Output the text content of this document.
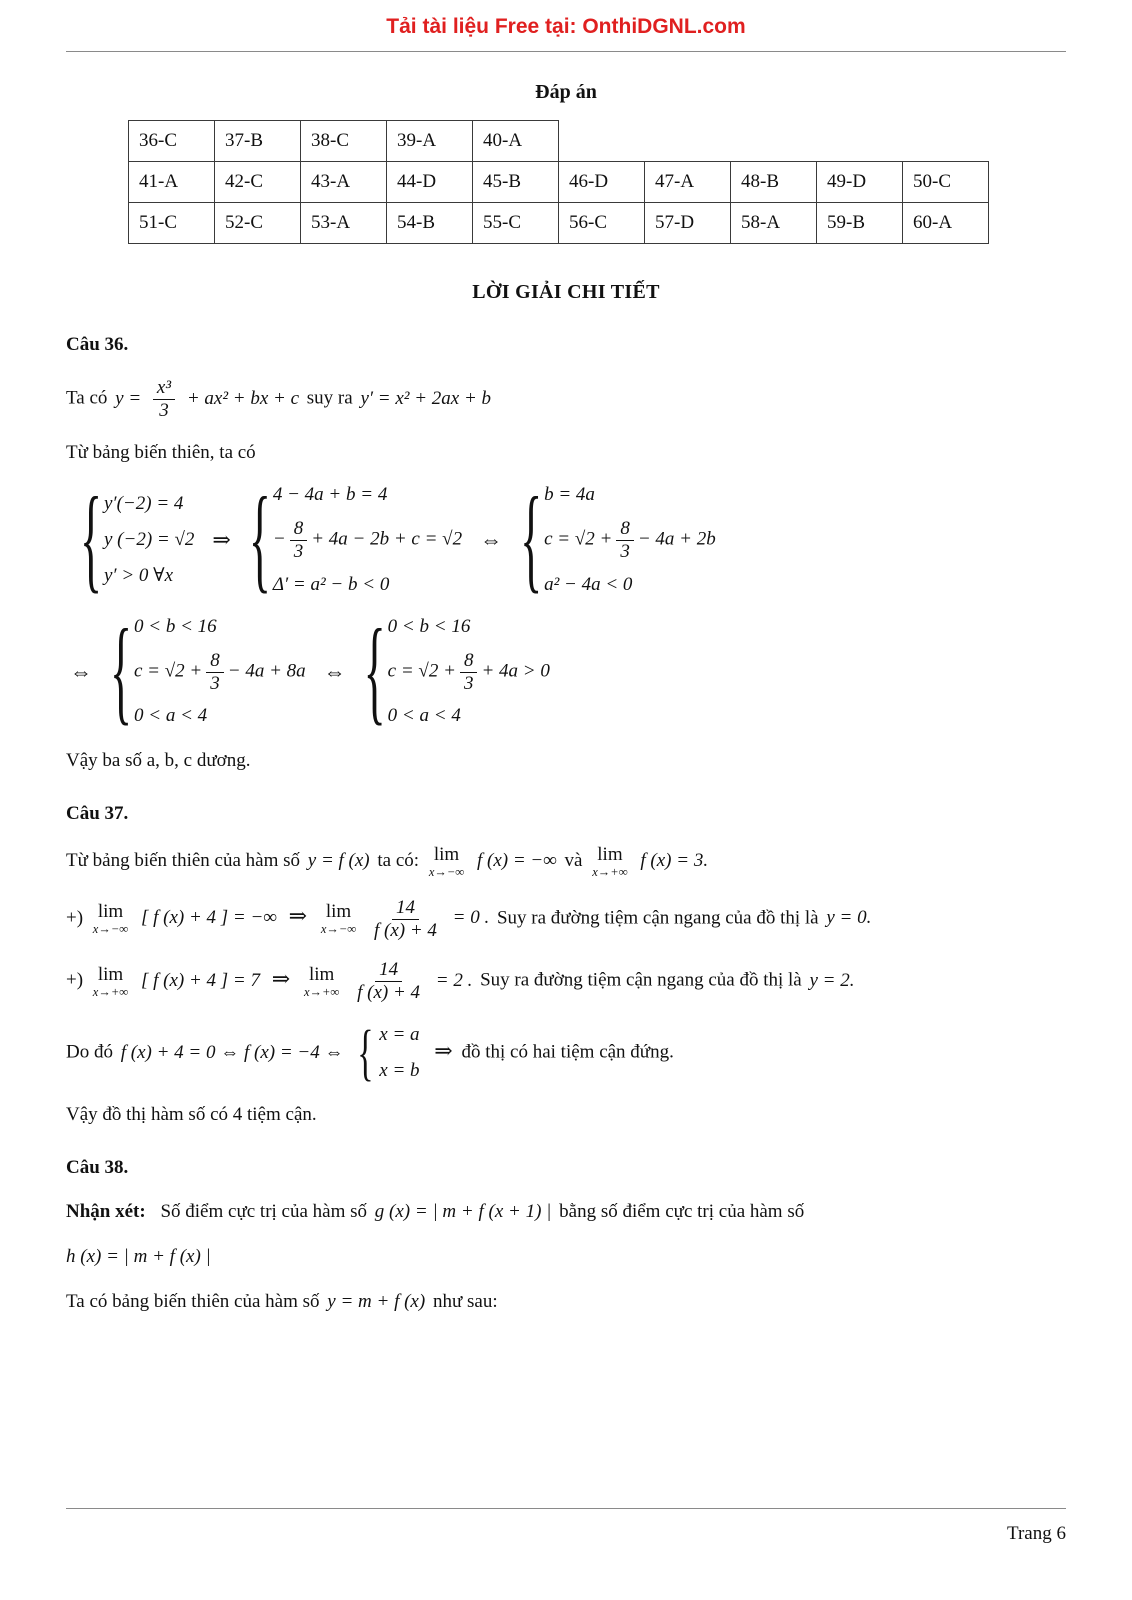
Tải tài liệu Free tại: OnthiDGNL.com
Đáp án
36-C	37-B	38-C	39-A	40-A					
41-A	42-C	43-A	44-D	45-B	46-D	47-A	48-B	49-D	50-C
51-C	52-C	53-A	54-B	55-C	56-C	57-D	58-A	59-B	60-A
LỜI GIẢI CHI TIẾT
Câu 36.
Ta có $y = \frac{\text{x³}}{3} + ax^2$ + bx + c suy ra y′ = x² + 2ax + b
Từ bảng biến thiên, ta có
{ y′(−2) = 4
y (−2) = √2
y′ > 0 ∀x
⇒ { 4 − 4a + b = 4
− $\frac{8}{3} + 4a - 2b + c = √2$
Δ′ = a² − b < 0
⇔ { b = 4a
$c = √2 + \frac{8}{3} - 4a + 2b$
a² − 4a < 0
⇔ { 0 < b < 16
$c = √2 + \frac{8}{3} - 4a + 8a$
0 < a < 4
⇔ { 0 < b < 16
$c = √2 + \frac{8}{3} + 4a > 0$
0 < a < 4
Vậy ba số a, b, c dương.
Câu 37.
Từ bảng biến thiên của hàm số y = f (x) ta có: lim
x→−∞
f (x) = −∞ và lim
x→+∞
f (x) = 3.
+) lim
x→−∞
[ f (x) + 4 ] = −∞ ⇒ lim
x→−∞
$\frac{14}{f (x) + 4} = 0$ . Suy ra đường tiệm cận ngang của đồ thị là y = 0.
+) lim
x→+∞
[ f (x) + 4 ] = 7 ⇒ lim
x→+∞
$\frac{14}{f (x) + 4} = 2$ . Suy ra đường tiệm cận ngang của đồ thị là y = 2.
Do đó f (x) + 4 = 0 ⇔ f (x) = −4 ⇔ { x = a
x = b
⇒ đồ thị có hai tiệm cận đứng.
Vậy đồ thị hàm số có 4 tiệm cận.
Câu 38.
Nhận xét: Số điểm cực trị của hàm số g (x) = | m + f (x + 1) | bằng số điểm cực trị của hàm số
h (x) = | m + f (x) |
Ta có bảng biến thiên của hàm số y = m + f (x) như sau:
Trang 6
